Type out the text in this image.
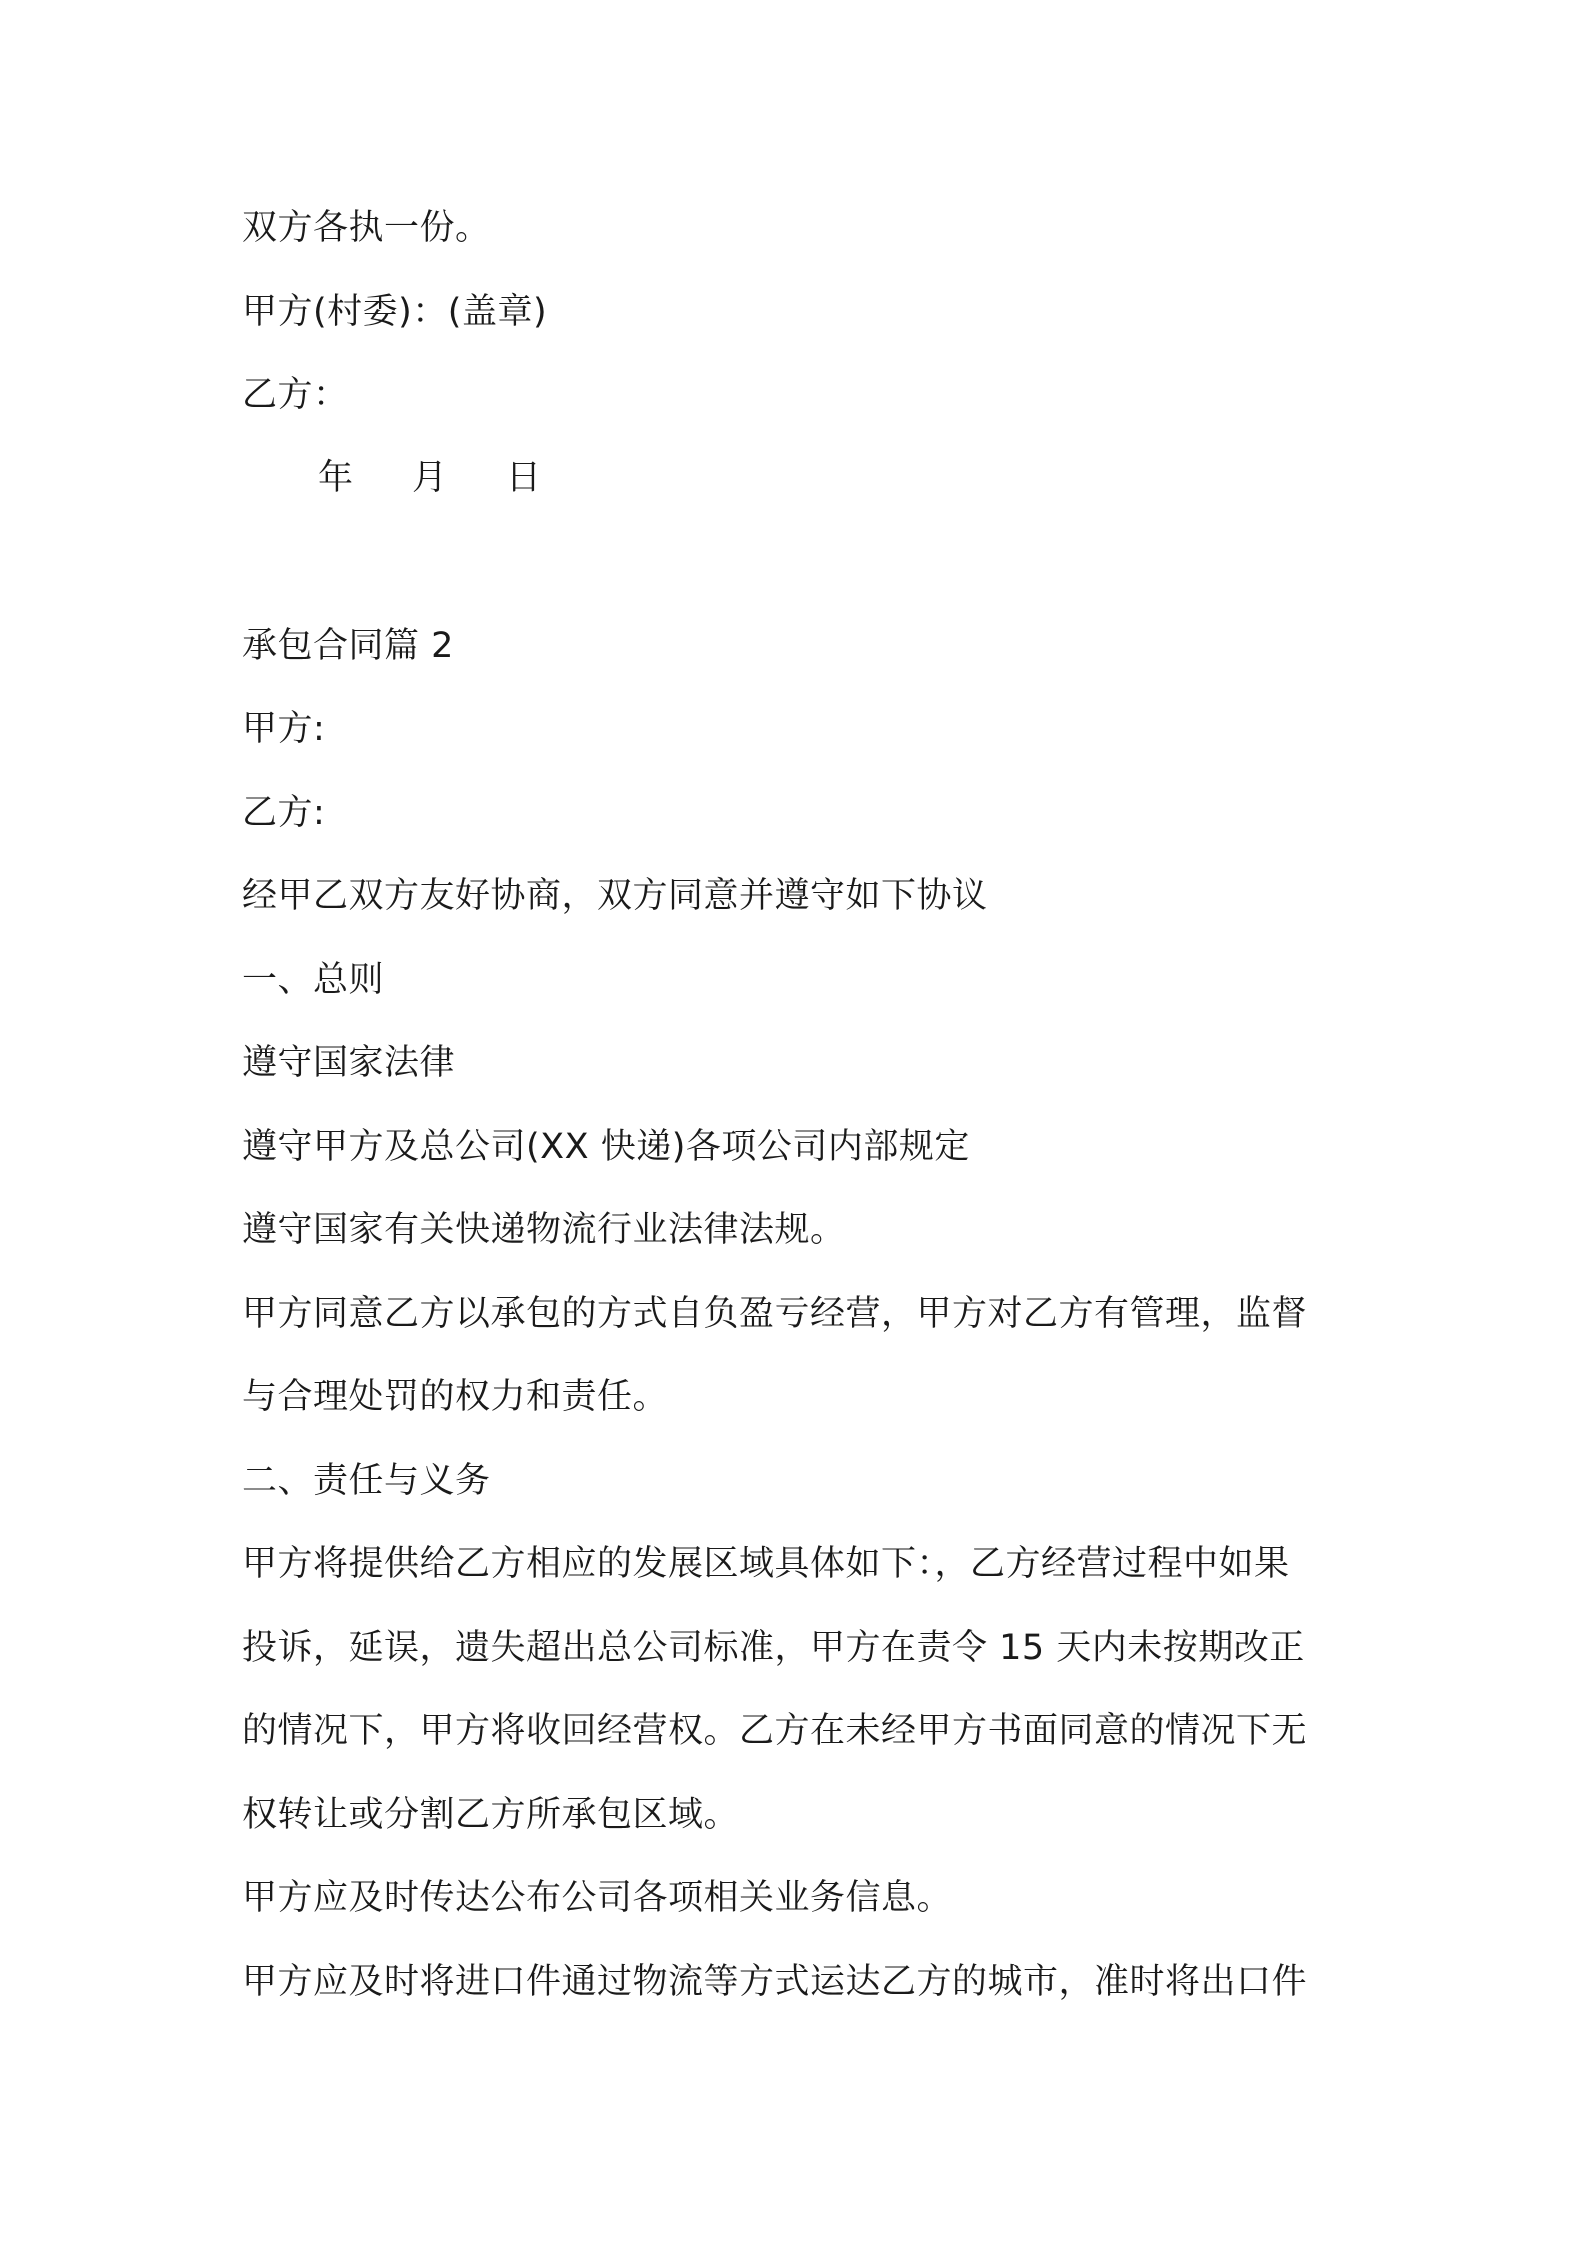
双方各执一份。

甲方(村委)：(盖章)

乙方：

年 月 日

承包合同篇 2

甲方:

乙方:

经甲乙双方友好协商，双方同意并遵守如下协议

一、总则

遵守国家法律

遵守甲方及总公司(XX 快递)各项公司内部规定

遵守国家有关快递物流行业法律法规。

甲方同意乙方以承包的方式自负盈亏经营，甲方对乙方有管理，监督

与合理处罚的权力和责任。

二、责任与义务

甲方将提供给乙方相应的发展区域具体如下：，乙方经营过程中如果

投诉，延误，遗失超出总公司标准，甲方在责令 15 天内未按期改正

的情况下，甲方将收回经营权。乙方在未经甲方书面同意的情况下无

权转让或分割乙方所承包区域。

甲方应及时传达公布公司各项相关业务信息。

甲方应及时将进口件通过物流等方式运达乙方的城市，准时将出口件
